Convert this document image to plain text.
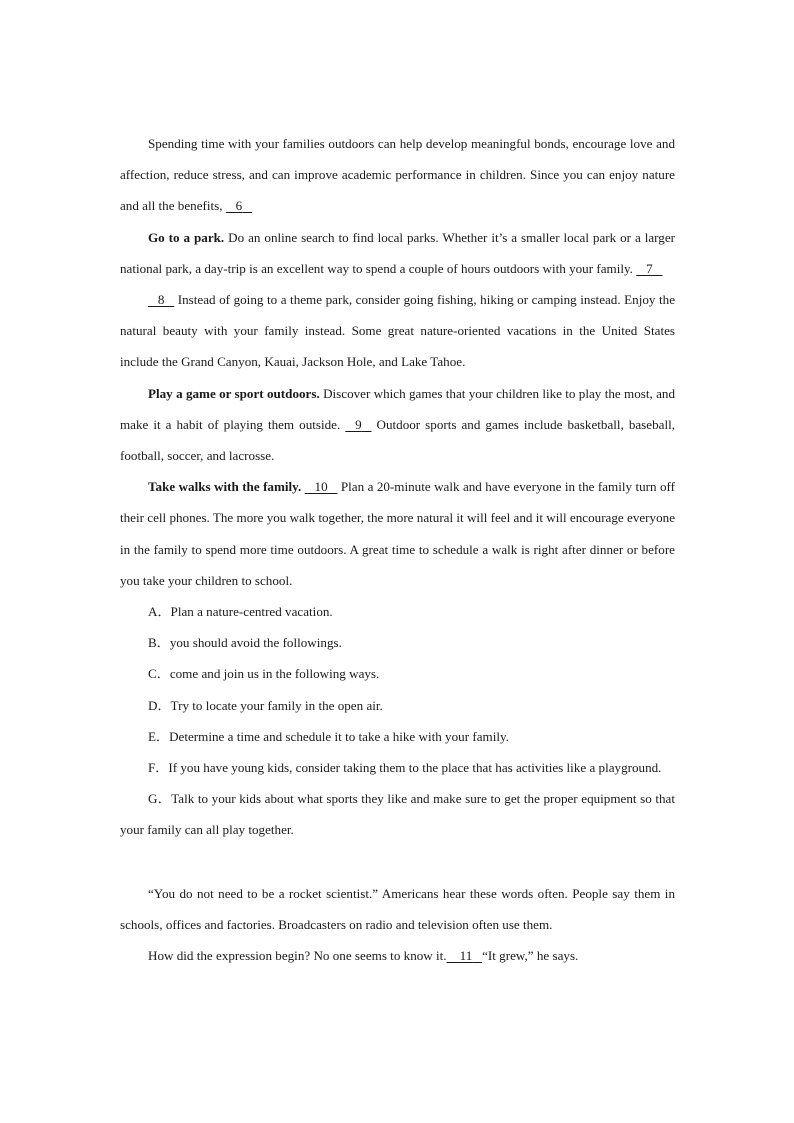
Spending time with your families outdoors can help develop meaningful bonds, encourage love and affection, reduce stress, and can improve academic performance in children. Since you can enjoy nature and all the benefits, 6

Go to a park. Do an online search to find local parks. Whether it’s a smaller local park or a larger national park, a day-trip is an excellent way to spend a couple of hours outdoors with your family. 7

8 Instead of going to a theme park, consider going fishing, hiking or camping instead. Enjoy the natural beauty with your family instead. Some great nature-oriented vacations in the United States include the Grand Canyon, Kauai, Jackson Hole, and Lake Tahoe.

Play a game or sport outdoors. Discover which games that your children like to play the most, and make it a habit of playing them outside. 9 Outdoor sports and games include basketball, baseball, football, soccer, and lacrosse.

Take walks with the family. 10 Plan a 20-minute walk and have everyone in the family turn off their cell phones. The more you walk together, the more natural it will feel and it will encourage everyone in the family to spend more time outdoors. A great time to schedule a walk is right after dinner or before you take your children to school.

A．Plan a nature-centred vacation.

B．you should avoid the followings.

C．come and join us in the following ways.

D．Try to locate your family in the open air.

E．Determine a time and schedule it to take a hike with your family.

F．If you have young kids, consider taking them to the place that has activities like a playground.

G．Talk to your kids about what sports they like and make sure to get the proper equipment so that your family can all play together.

“You do not need to be a rocket scientist.” Americans hear these words often. People say them in schools, offices and factories. Broadcasters on radio and television often use them.

How did the expression begin? No one seems to know it. 11 “It grew,” he says.
